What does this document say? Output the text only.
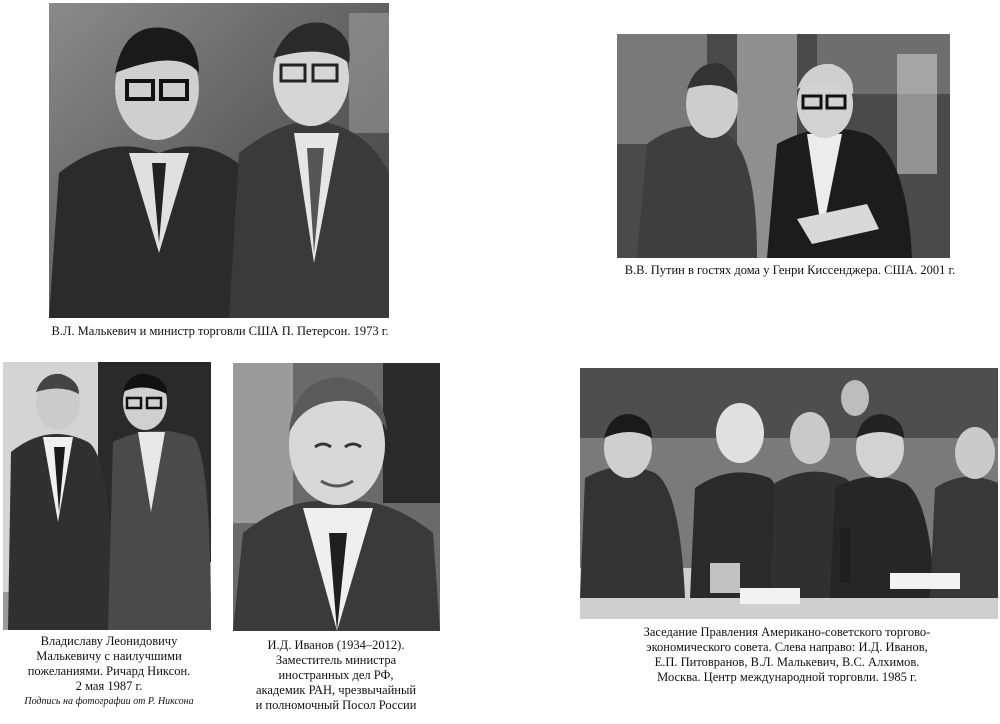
В.Л. Малькевич и министр торговли США П. Петерсон. 1973 г.
В.В. Путин в гостях дома у Генри Киссенджера. США. 2001 г.
Владиславу Леонидовичу
Малькевичу с наилучшими
пожеланиями. Ричард Никсон.
2 мая 1987 г.
Подпись на фотографии от Р. Никсона
И.Д. Иванов (1934–2012).
Заместитель министра
иностранных дел РФ,
академик РАН, чрезвычайный
и полномочный Посол России
Заседание Правления Американо-советского торгово-
экономического совета. Слева направо: И.Д. Иванов,
Е.П. Питовранов, В.Л. Малькевич, В.С. Алхимов.
Москва. Центр международной торговли. 1985 г.
